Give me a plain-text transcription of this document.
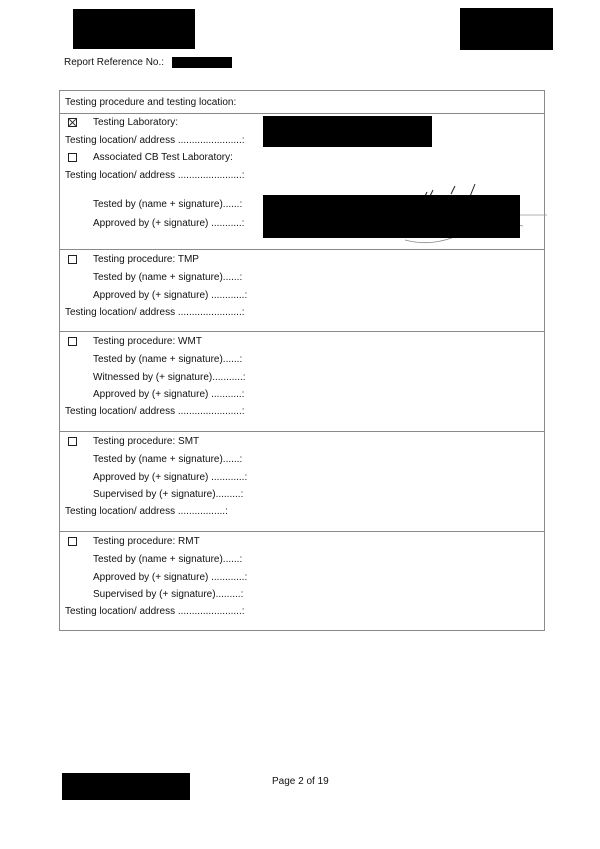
Report Reference No.:
Testing procedure and testing location:
Testing Laboratory:
Testing location/ address .......................:
Associated CB Test Laboratory:
Testing location/ address .......................:
Tested by (name + signature)......:
Approved by (+ signature) ...........:
Testing procedure: TMP
Tested by (name + signature)......:
Approved by (+ signature) ............:
Testing location/ address .......................:
Testing procedure: WMT
Tested by (name + signature)......:
Witnessed by (+ signature)...........:
Approved by (+ signature) ...........:
Testing location/ address .......................:
Testing procedure: SMT
Tested by (name + signature)......:
Approved by (+ signature) ............:
Supervised by (+ signature).........:
Testing location/ address .................:
Testing procedure: RMT
Tested by (name + signature)......:
Approved by (+ signature) ............:
Supervised by (+ signature).........:
Testing location/ address .......................:
Page 2 of 19
